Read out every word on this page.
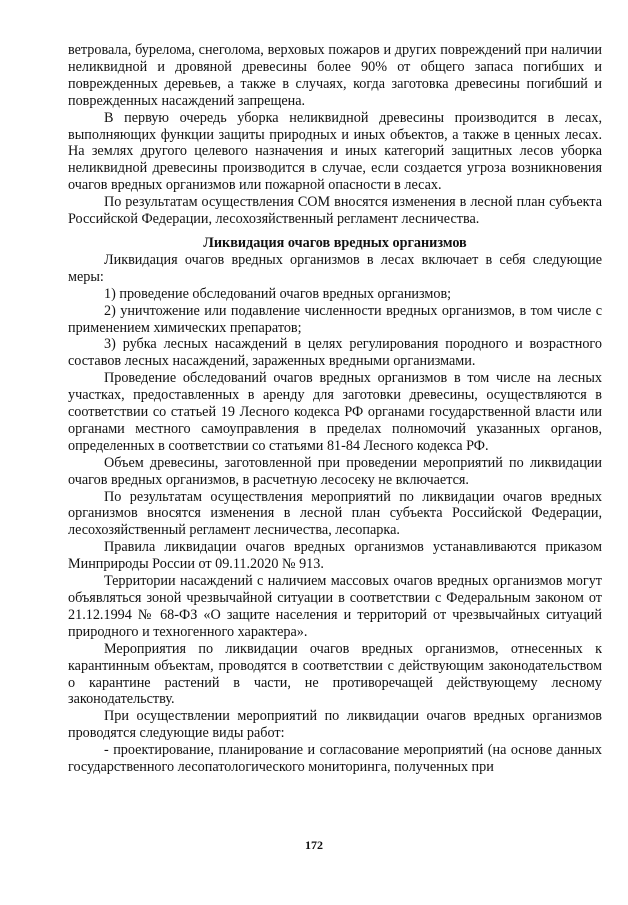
ветровала, бурелома, снеголома, верховых пожаров и других повреждений при наличии неликвидной и дровяной древесины более 90% от общего запаса погибших и поврежденных деревьев, а также в случаях, когда заготовка древесины погибший и поврежденных насаждений запрещена.

В первую очередь уборка неликвидной древесины производится в лесах, выполняющих функции защиты природных и иных объектов, а также в ценных лесах. На землях другого целевого назначения и иных категорий защитных лесов уборка неликвидной древесины производится в случае, если создается угроза возникновения очагов вредных организмов или пожарной опасности в лесах.

По результатам осуществления СОМ вносятся изменения в лесной план субъекта Российской Федерации, лесохозяйственный регламент лесничества.

Ликвидация очагов вредных организмов

Ликвидация очагов вредных организмов в лесах включает в себя следующие меры:

1) проведение обследований очагов вредных организмов;

2) уничтожение или подавление численности вредных организмов, в том числе с применением химических препаратов;

3) рубка лесных насаждений в целях регулирования породного и возрастного составов лесных насаждений, зараженных вредными организмами.

Проведение обследований очагов вредных организмов в том числе на лесных участках, предоставленных в аренду для заготовки древесины, осуществляются в соответствии со статьей 19 Лесного кодекса РФ органами государственной власти или органами местного самоуправления в пределах полномочий указанных органов, определенных в соответствии со статьями 81-84 Лесного кодекса РФ.

Объем древесины, заготовленной при проведении мероприятий по ликвидации очагов вредных организмов, в расчетную лесосеку не включается.

По результатам осуществления мероприятий по ликвидации очагов вредных организмов вносятся изменения в лесной план субъекта Российской Федерации, лесохозяйственный регламент лесничества, лесопарка.

Правила ликвидации очагов вредных организмов устанавливаются приказом Минприроды России от 09.11.2020 № 913.

Территории насаждений с наличием массовых очагов вредных организмов могут объявляться зоной чрезвычайной ситуации в соответствии с Федеральным законом от 21.12.1994 № 68-ФЗ «О защите населения и территорий от чрезвычайных ситуаций природного и техногенного характера».

Мероприятия по ликвидации очагов вредных организмов, отнесенных к карантинным объектам, проводятся в соответствии с действующим законодательством о карантине растений в части, не противоречащей действующему лесному законодательству.

При осуществлении мероприятий по ликвидации очагов вредных организмов проводятся следующие виды работ:

- проектирование, планирование и согласование мероприятий (на основе данных государственного лесопатологического мониторинга, полученных при

172
